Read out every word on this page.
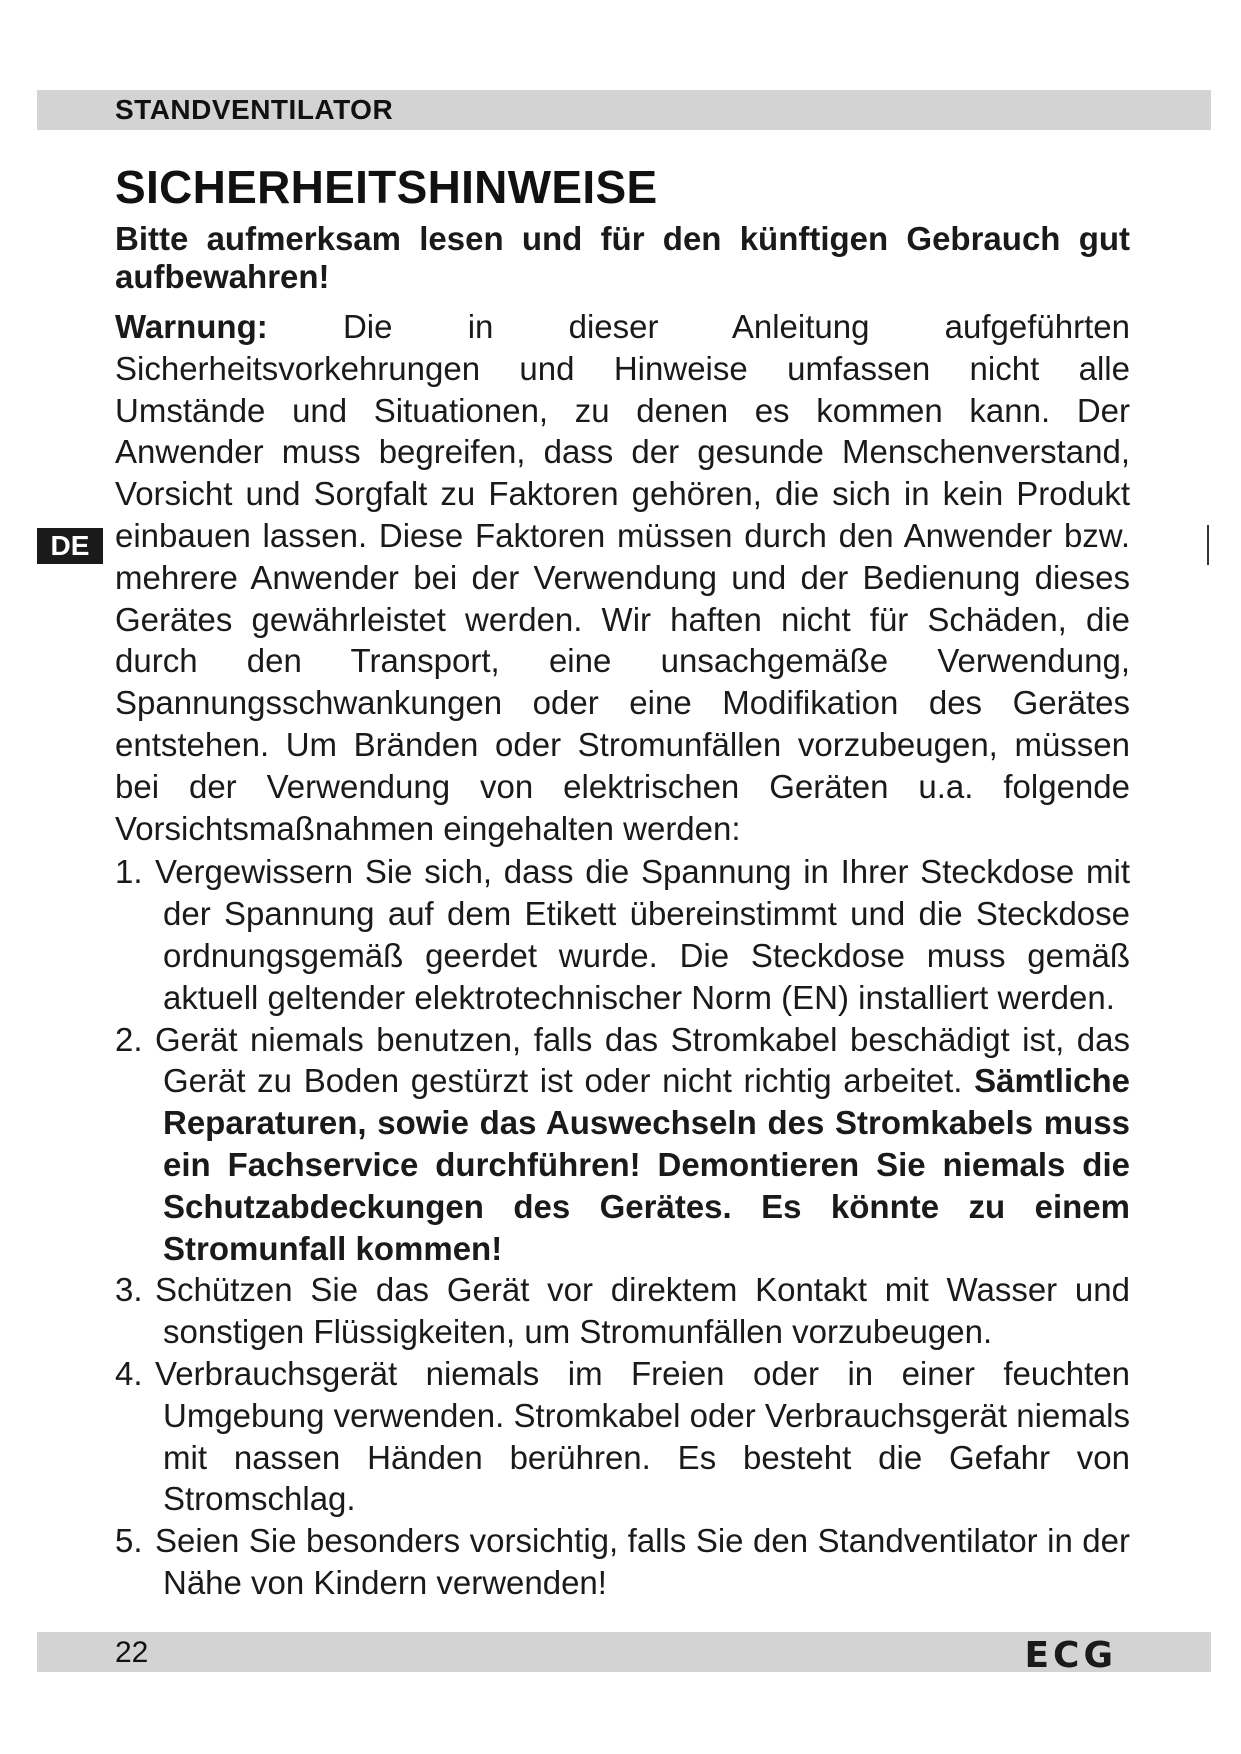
STANDVENTILATOR
DE
SICHERHEITSHINWEISE

Bitte aufmerksam lesen und für den künftigen Gebrauch gut aufbewahren!

Warnung: Die in dieser Anleitung aufgeführten Sicherheitsvorkehrungen und Hinweise umfassen nicht alle Umstände und Situationen, zu denen es kommen kann. Der Anwender muss begreifen, dass der gesunde Menschenverstand, Vorsicht und Sorgfalt zu Faktoren gehören, die sich in kein Produkt einbauen lassen. Diese Faktoren müssen durch den Anwender bzw. mehrere Anwender bei der Verwendung und der Bedienung dieses Gerätes gewährleistet werden. Wir haften nicht für Schäden, die durch den Transport, eine unsachgemäße Verwendung, Spannungsschwankungen oder eine Modifikation des Gerätes entstehen. Um Bränden oder Stromunfällen vorzubeugen, müssen bei der Verwendung von elektrischen Geräten u.a. folgende Vorsichtsmaßnahmen eingehalten werden:

1. Vergewissern Sie sich, dass die Spannung in Ihrer Steckdose mit der Spannung auf dem Etikett übereinstimmt und die Steckdose ordnungsgemäß geerdet wurde. Die Steckdose muss gemäß aktuell geltender elektrotechnischer Norm (EN) installiert werden.
2. Gerät niemals benutzen, falls das Stromkabel beschädigt ist, das Gerät zu Boden gestürzt ist oder nicht richtig arbeitet. Sämtliche Reparaturen, sowie das Auswechseln des Stromkabels muss ein Fachservice durchführen! Demontieren Sie niemals die Schutzabdeckungen des Gerätes. Es könnte zu einem Stromunfall kommen!
3. Schützen Sie das Gerät vor direktem Kontakt mit Wasser und sonstigen Flüssigkeiten, um Stromunfällen vorzubeugen.
4. Verbrauchsgerät niemals im Freien oder in einer feuchten Umgebung verwenden. Stromkabel oder Verbrauchsgerät niemals mit nassen Händen berühren. Es besteht die Gefahr von Stromschlag.
5. Seien Sie besonders vorsichtig, falls Sie den Standventilator in der Nähe von Kindern verwenden!
22	ECG
